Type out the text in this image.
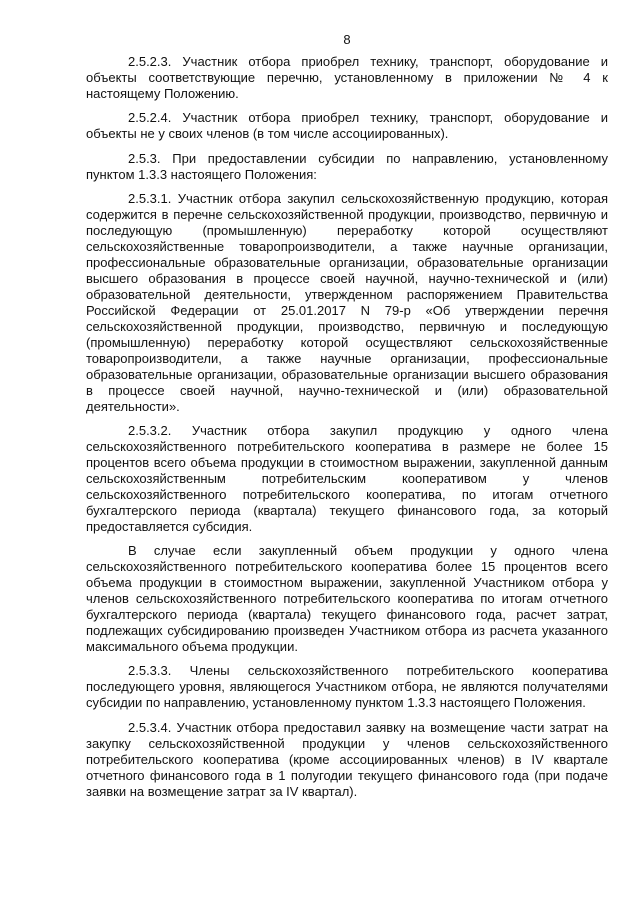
8

2.5.2.3. Участник отбора приобрел технику, транспорт, оборудование и объекты соответствующие перечню, установленному в приложении № 4 к настоящему Положению.

2.5.2.4. Участник отбора приобрел технику, транспорт, оборудование и объекты не у своих членов (в том числе ассоциированных).

2.5.3. При предоставлении субсидии по направлению, установленному пунктом 1.3.3 настоящего Положения:

2.5.3.1. Участник отбора закупил сельскохозяйственную продукцию, которая содержится в перечне сельскохозяйственной продукции, производство, первичную и последующую (промышленную) переработку которой осуществляют сельскохозяйственные товаропроизводители, а также научные организации, профессиональные образовательные организации, образовательные организации высшего образования в процессе своей научной, научно-технической и (или) образовательной деятельности, утвержденном распоряжением Правительства Российской Федерации от 25.01.2017 N 79-р «Об утверждении перечня сельскохозяйственной продукции, производство, первичную и последующую (промышленную) переработку которой осуществляют сельскохозяйственные товаропроизводители, а также научные организации, профессиональные образовательные организации, образовательные организации высшего образования в процессе своей научной, научно-технической и (или) образовательной деятельности».

2.5.3.2. Участник отбора закупил продукцию у одного члена сельскохозяйственного потребительского кооператива в размере не более 15 процентов всего объема продукции в стоимостном выражении, закупленной данным сельскохозяйственным потребительским кооперативом у членов сельскохозяйственного потребительского кооператива, по итогам отчетного бухгалтерского периода (квартала) текущего финансового года, за который предоставляется субсидия.

В случае если закупленный объем продукции у одного члена сельскохозяйственного потребительского кооператива более 15 процентов всего объема продукции в стоимостном выражении, закупленной Участником отбора у членов сельскохозяйственного потребительского кооператива по итогам отчетного бухгалтерского периода (квартала) текущего финансового года, расчет затрат, подлежащих субсидированию произведен Участником отбора из расчета указанного максимального объема продукции.

2.5.3.3. Члены сельскохозяйственного потребительского кооператива последующего уровня, являющегося Участником отбора, не являются получателями субсидии по направлению, установленному пунктом 1.3.3 настоящего Положения.

2.5.3.4. Участник отбора предоставил заявку на возмещение части затрат на закупку сельскохозяйственной продукции у членов сельскохозяйственного потребительского кооператива (кроме ассоциированных членов) в IV квартале отчетного финансового года в 1 полугодии текущего финансового года (при подаче заявки на возмещение затрат за IV квартал).
